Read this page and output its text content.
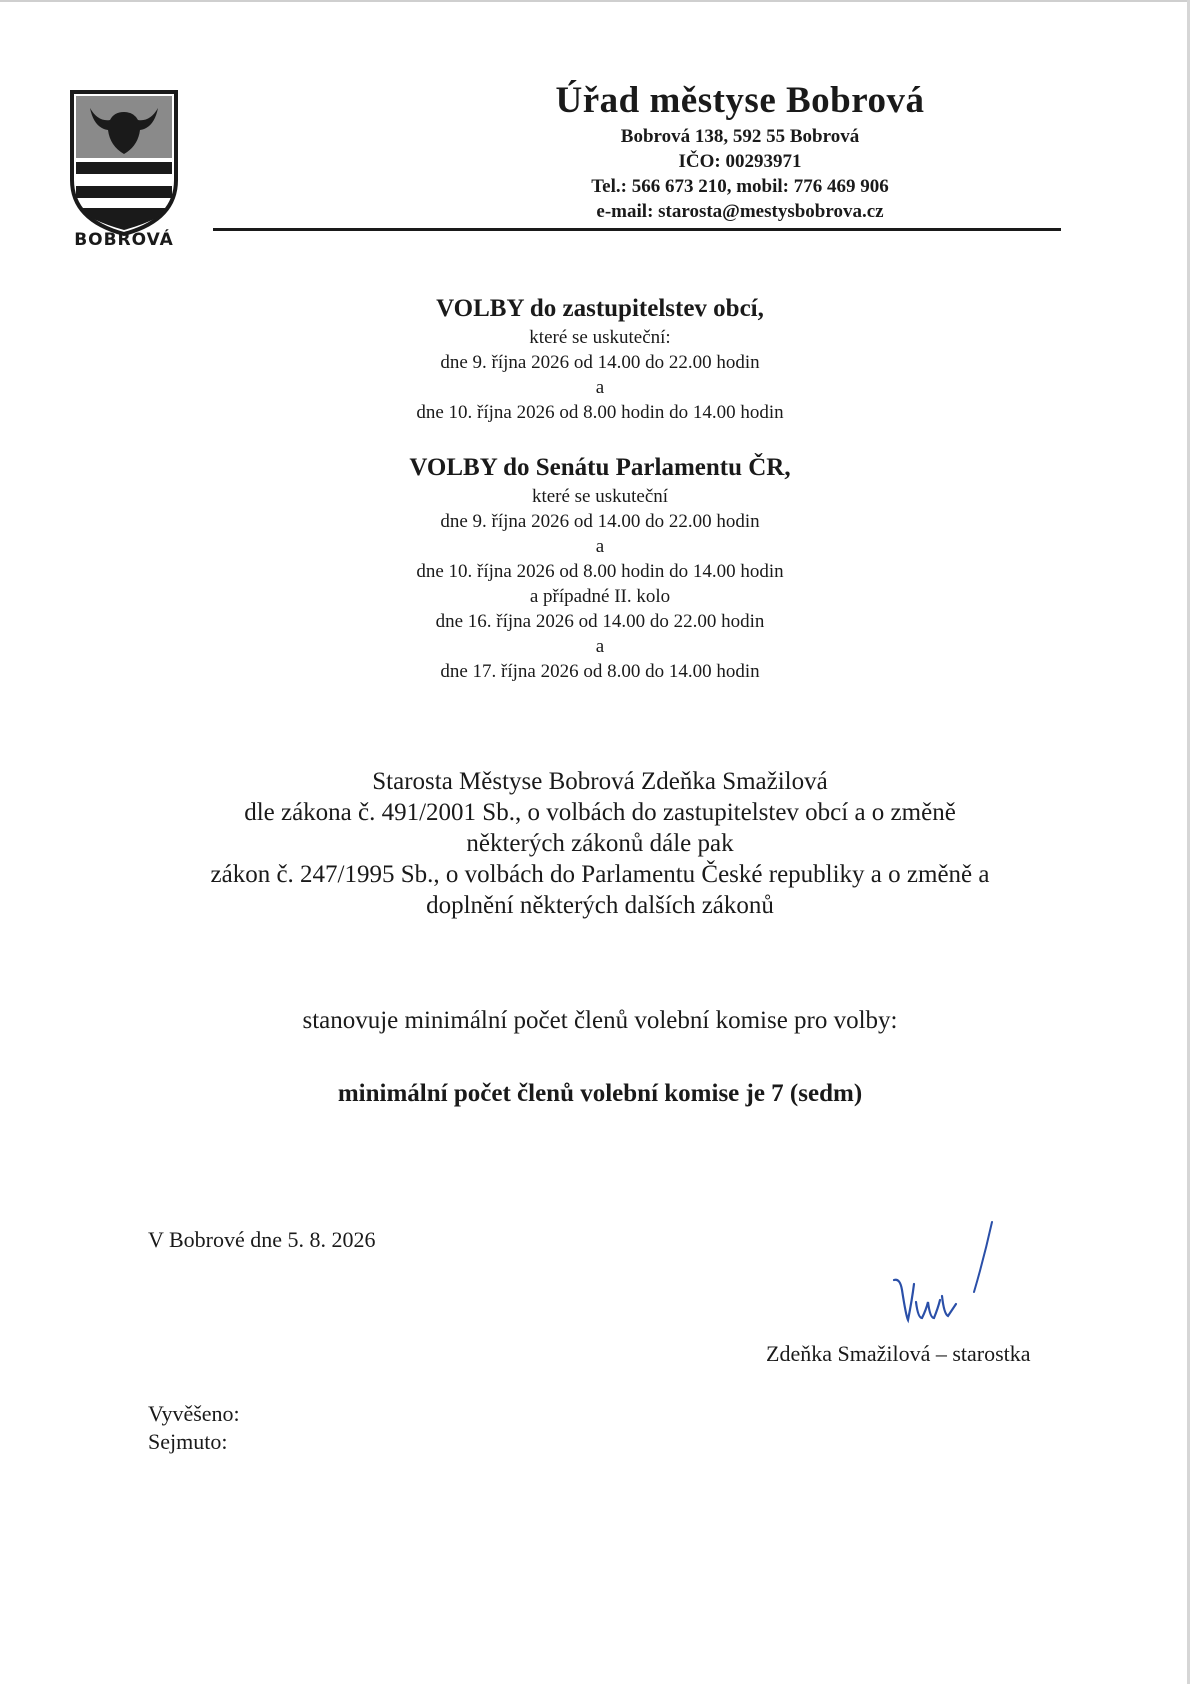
BOBROVÁ
Úřad městyse Bobrová
Bobrová 138, 592 55 Bobrová
IČO: 00293971
Tel.: 566 673 210, mobil: 776 469 906
e-mail: starosta@mestysbobrova.cz
VOLBY do zastupitelstev obcí,
které se uskuteční:
dne 9. října 2026 od 14.00 do 22.00 hodin
a
dne 10. října 2026 od 8.00 hodin do 14.00 hodin
VOLBY do Senátu Parlamentu ČR,
které se uskuteční
dne 9. října 2026 od 14.00 do 22.00 hodin
a
dne 10. října 2026 od 8.00 hodin do 14.00 hodin
a případné II. kolo
dne 16. října 2026 od 14.00 do 22.00 hodin
a
dne 17. října 2026 od 8.00 do 14.00 hodin
Starosta Městyse Bobrová Zdeňka Smažilová
dle zákona č. 491/2001 Sb., o volbách do zastupitelstev obcí a o změně
některých zákonů dále pak
zákon č. 247/1995 Sb., o volbách do Parlamentu České republiky a o změně a
doplnění některých dalších zákonů
stanovuje minimální počet členů volební komise pro volby:
minimální počet členů volební komise je 7 (sedm)
V Bobrové dne 5. 8. 2026
Zdeňka Smažilová – starostka
Vyvěšeno:
Sejmuto:
